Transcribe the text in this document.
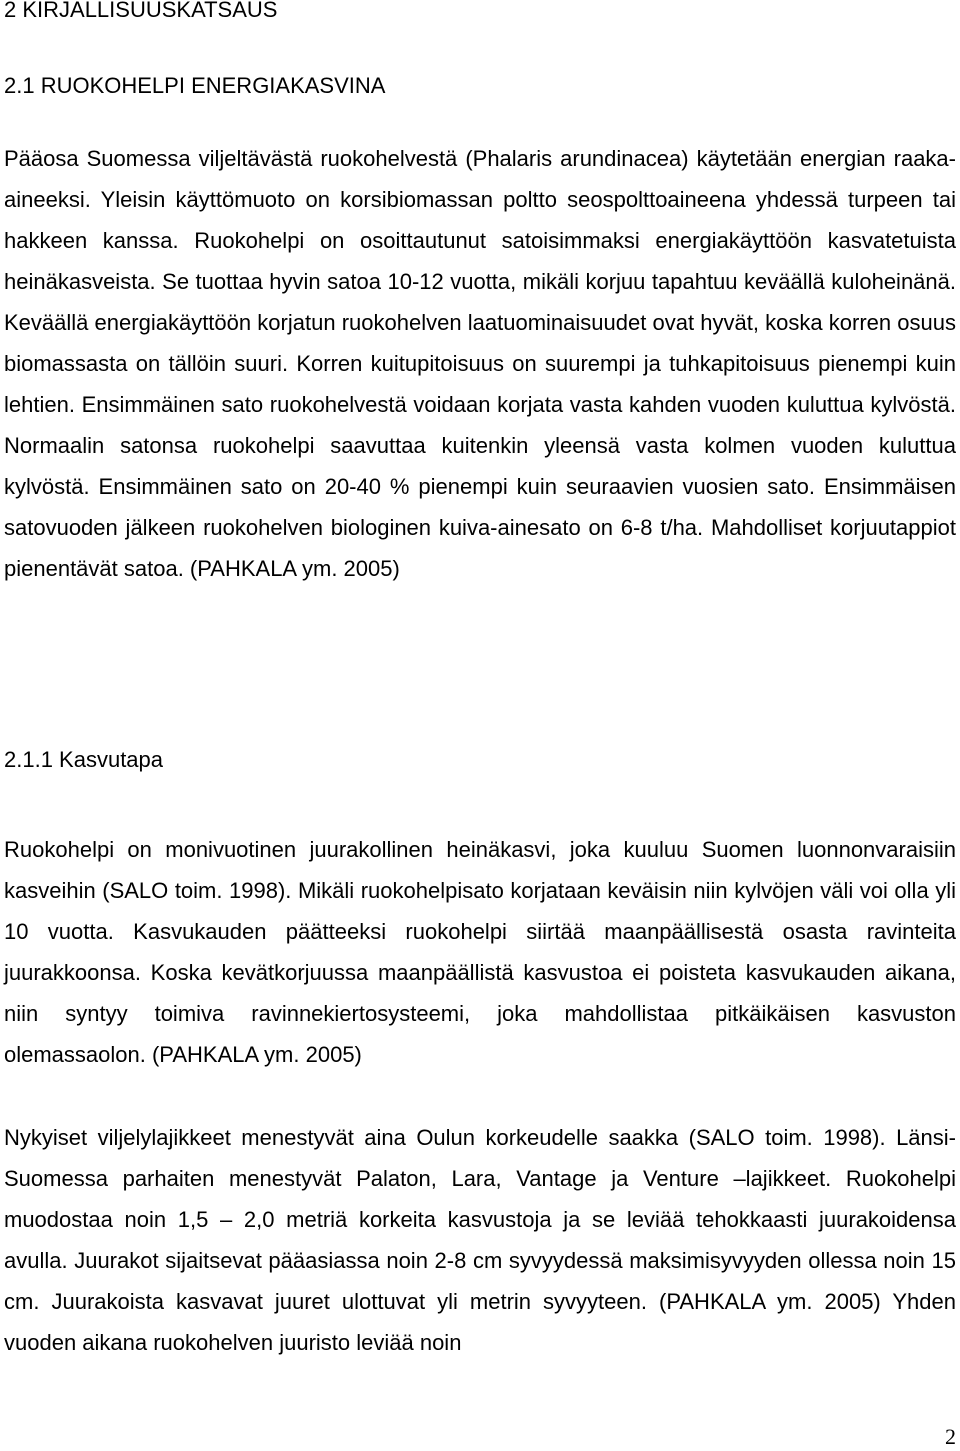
2 KIRJALLISUUSKATSAUS
2.1 RUOKOHELPI ENERGIAKASVINA

Pääosa Suomessa viljeltävästä ruokohelvestä (Phalaris arundinacea) käytetään energian raaka-aineeksi. Yleisin käyttömuoto on korsibiomassan poltto seospolttoaineena yhdessä turpeen tai hakkeen kanssa. Ruokohelpi on osoittautunut satoisimmaksi energiakäyttöön kasvatetuista heinäkasveista. Se tuottaa hyvin satoa 10-12 vuotta, mikäli korjuu tapahtuu keväällä kuloheinänä. Keväällä energiakäyttöön korjatun ruokohelven laatuominaisuudet ovat hyvät, koska korren osuus biomassasta on tällöin suuri. Korren kuitupitoisuus on suurempi ja tuhkapitoisuus pienempi kuin lehtien. Ensimmäinen sato ruokohelvestä voidaan korjata vasta kahden vuoden kuluttua kylvöstä. Normaalin satonsa ruokohelpi saavuttaa kuitenkin yleensä vasta kolmen vuoden kuluttua kylvöstä. Ensimmäinen sato on 20-40 % pienempi kuin seuraavien vuosien sato. Ensimmäisen satovuoden jälkeen ruokohelven biologinen kuiva-ainesato on 6-8 t/ha. Mahdolliset korjuutappiot pienentävät satoa. (PAHKALA ym. 2005)

2.1.1 Kasvutapa

Ruokohelpi on monivuotinen juurakollinen heinäkasvi, joka kuuluu Suomen luonnonvaraisiin kasveihin (SALO toim. 1998). Mikäli ruokohelpisato korjataan keväisin niin kylvöjen väli voi olla yli 10 vuotta. Kasvukauden päätteeksi ruokohelpi siirtää maanpäällisestä osasta ravinteita juurakkoonsa. Koska kevätkorjuussa maanpäällistä kasvustoa ei poisteta kasvukauden aikana, niin syntyy toimiva ravinnekiertosysteemi, joka mahdollistaa pitkäikäisen kasvuston olemassaolon. (PAHKALA ym. 2005)

Nykyiset viljelylajikkeet menestyvät aina Oulun korkeudelle saakka (SALO toim. 1998). Länsi-Suomessa parhaiten menestyvät Palaton, Lara, Vantage ja Venture –lajikkeet. Ruokohelpi muodostaa noin 1,5 – 2,0 metriä korkeita kasvustoja ja se leviää tehokkaasti juurakoidensa avulla. Juurakot sijaitsevat pääasiassa noin 2-8 cm syvyydessä maksimisyvyyden ollessa noin 15 cm. Juurakoista kasvavat juuret ulottuvat yli metrin syvyyteen. (PAHKALA ym. 2005) Yhden vuoden aikana ruokohelven juuristo leviää noin

2
